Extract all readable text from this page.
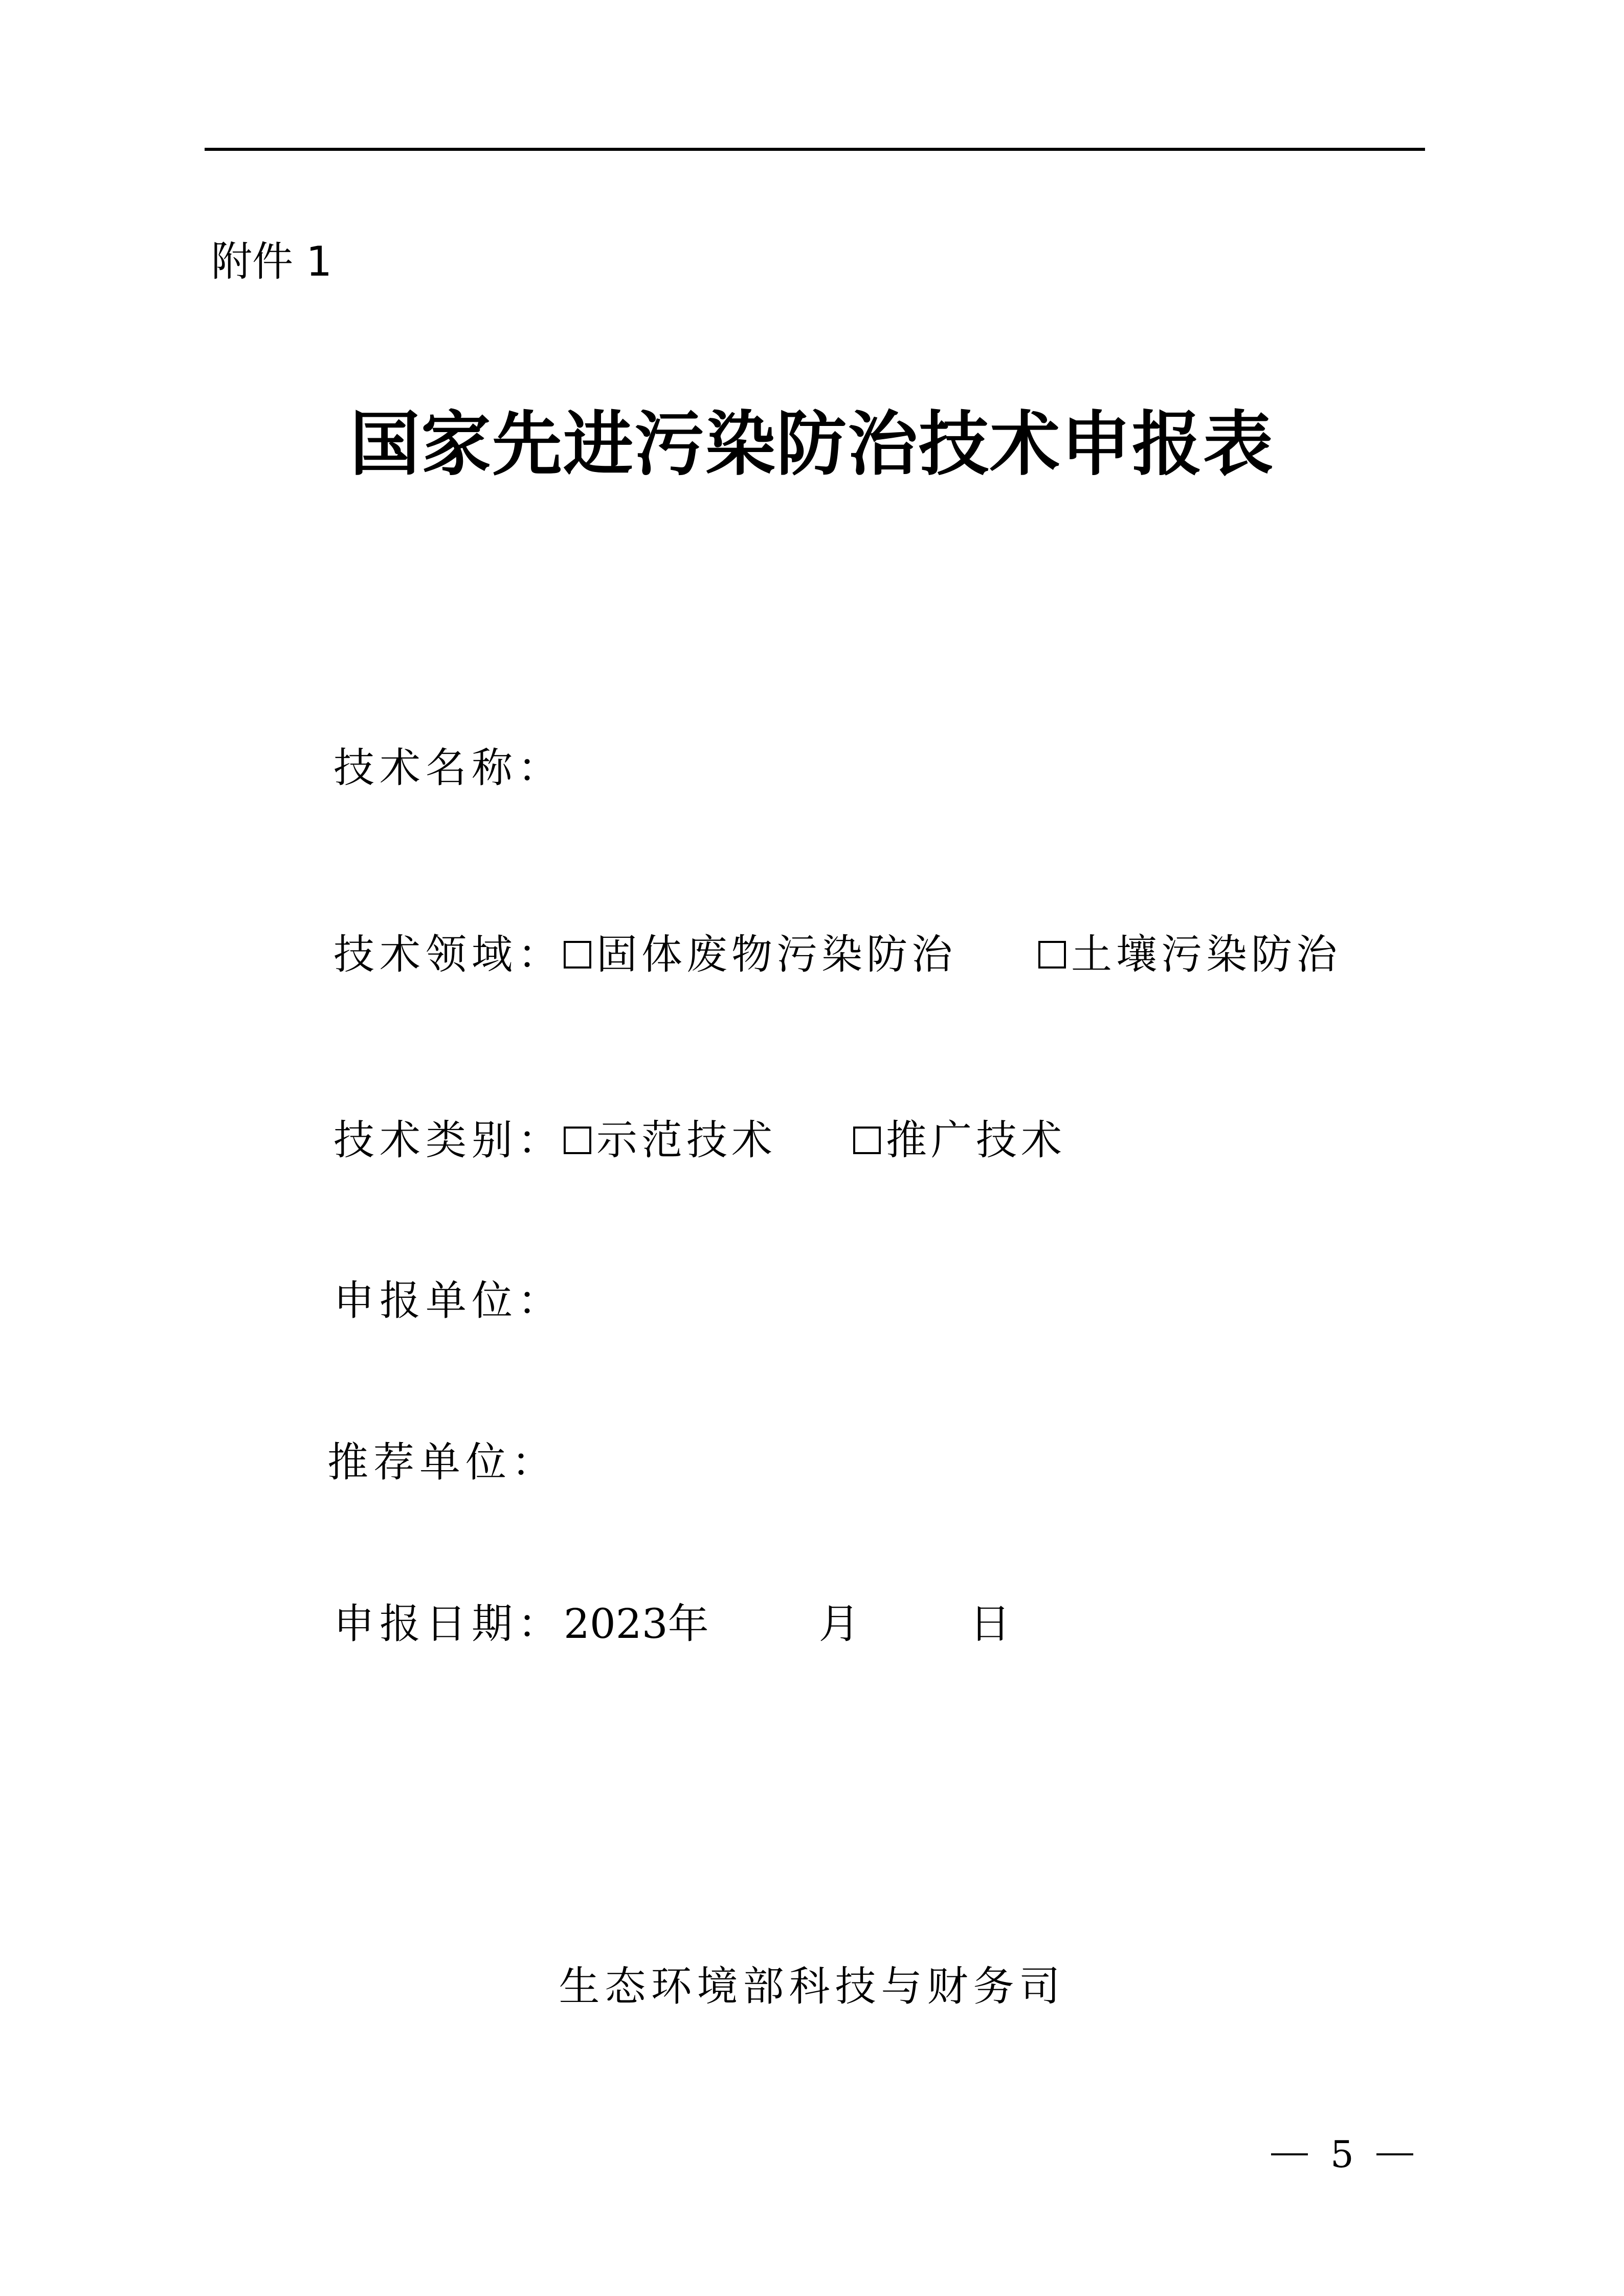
附件 1
国家先进污染防治技术申报表
技术名称：
技术领域： 固体废物污染防治	土壤污染防治
技术类别： 示范技术	推广技术
申报单位：
推荐单位：
申报日期： 2023 年	月	日
生态环境部科技与财务司
5
